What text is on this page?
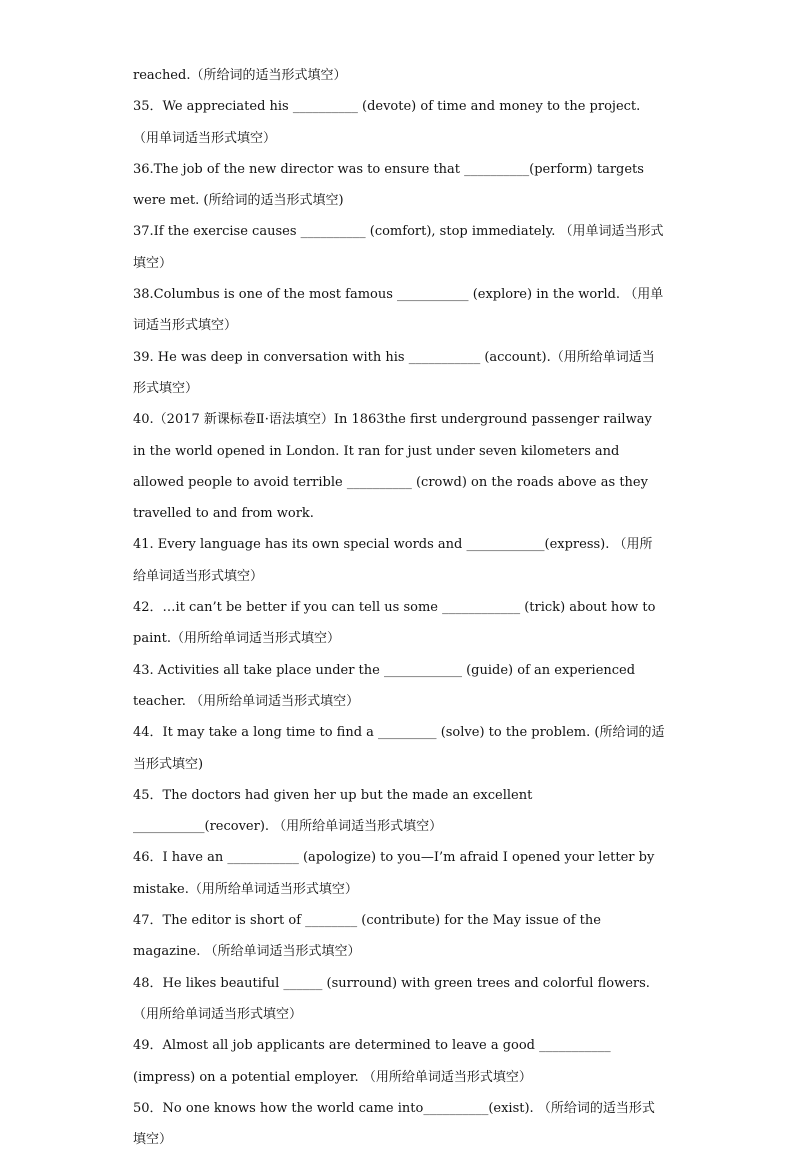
reached.（所给词的适当形式填空）

35．We appreciated his __________ (devote) of time and money to the project. （用单词适当形式填空）

36.The job of the new director was to ensure that __________(perform) targets were met. (所给词的适当形式填空)

37.If the exercise causes __________ (comfort), stop immediately. （用单词适当形式填空）

38.Columbus is one of the most famous ___________ (explore) in the world. （用单词适当形式填空）

39. He was deep in conversation with his ___________ (account).（用所给单词适当形式填空）

40.（2017 新课标卷Ⅱ·语法填空）In 1863the first underground passenger railway in the world opened in London. It ran for just under seven kilometers and allowed people to avoid terrible __________ (crowd) on the roads above as they travelled to and from work.

41. Every language has its own special words and ____________(express). （用所给单词适当形式填空）

42．…it can’t be better if you can tell us some ____________ (trick) about how to paint.（用所给单词适当形式填空）

43. Activities all take place under the ____________ (guide) of an experienced teacher. （用所给单词适当形式填空）

44．It may take a long time to find a _________ (solve) to the problem. (所给词的适当形式填空)

45．The doctors had given her up but the made an excellent ___________(recover). （用所给单词适当形式填空）

46．I have an ___________ (apologize) to you—I’m afraid I opened your letter by mistake.（用所给单词适当形式填空）

47．The editor is short of ________ (contribute) for the May issue of the magazine. （所给单词适当形式填空）

48．He likes beautiful ______ (surround) with green trees and colorful flowers. （用所给单词适当形式填空）

49．Almost all job applicants are determined to leave a good ___________ (impress) on a potential employer. （用所给单词适当形式填空）

50．No one knows how the world came into__________(exist). （所给词的适当形式填空）
